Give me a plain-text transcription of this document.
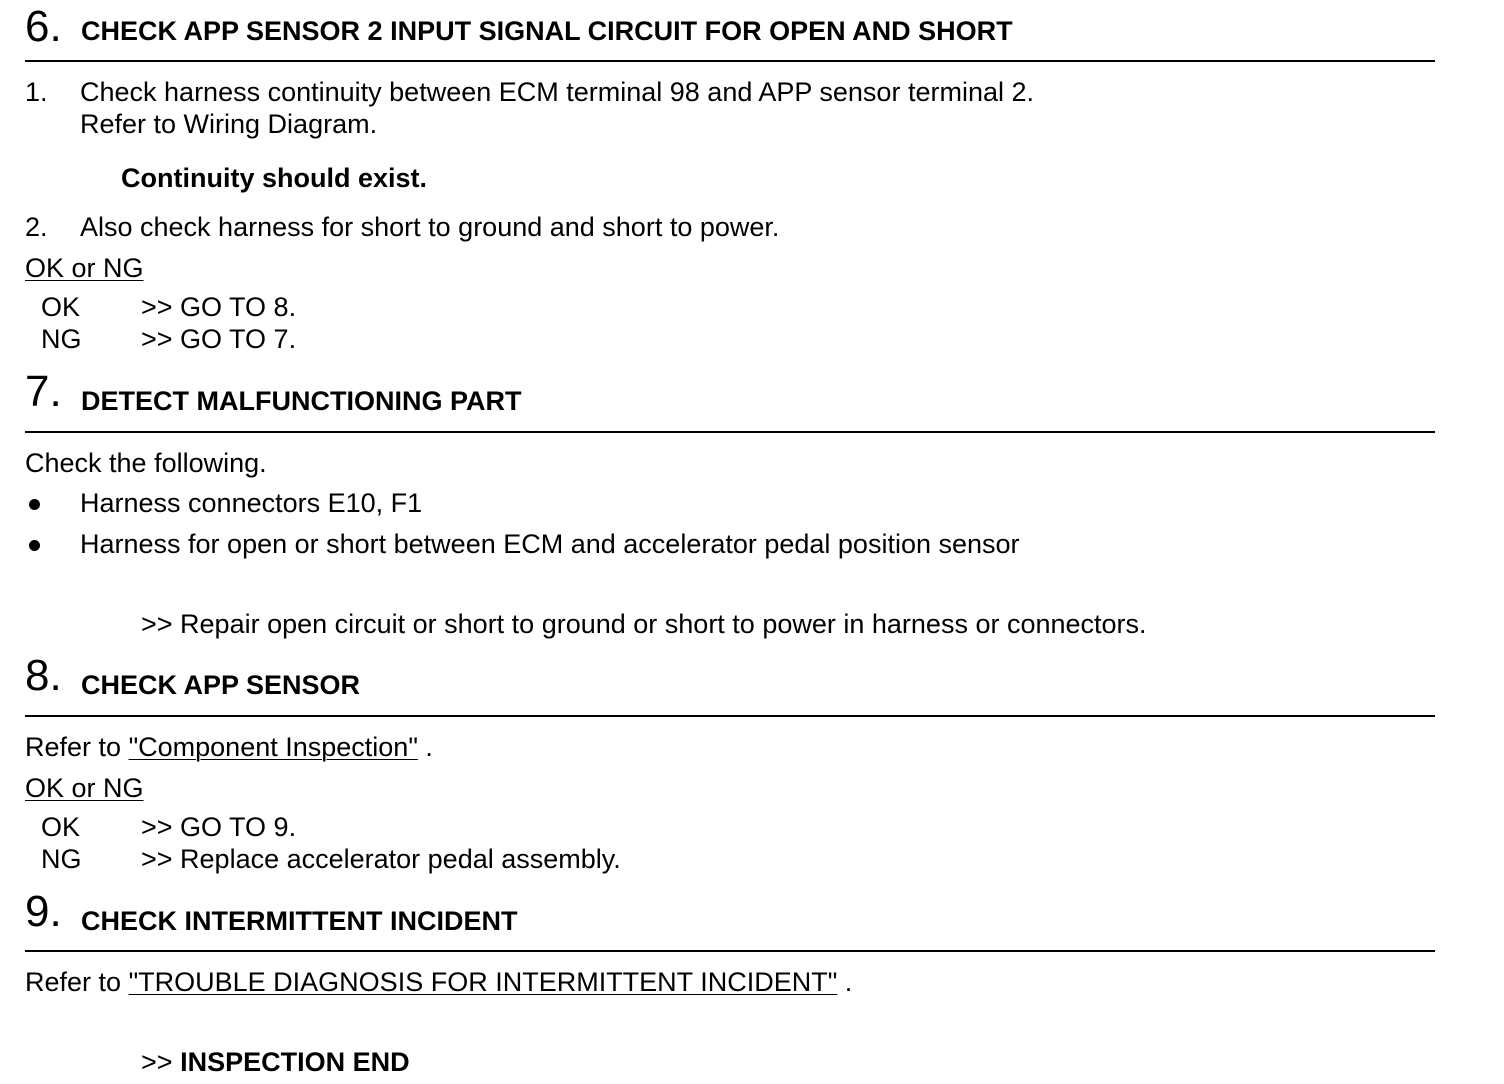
6. CHECK APP SENSOR 2 INPUT SIGNAL CIRCUIT FOR OPEN AND SHORT
1. Check harness continuity between ECM terminal 98 and APP sensor terminal 2.
Refer to Wiring Diagram.
Continuity should exist.
2. Also check harness for short to ground and short to power.
OK or NG
OK >> GO TO 8.
NG >> GO TO 7.
7. DETECT MALFUNCTIONING PART
Check the following.
Harness connectors E10, F1
Harness for open or short between ECM and accelerator pedal position sensor
>> Repair open circuit or short to ground or short to power in harness or connectors.
8. CHECK APP SENSOR
Refer to "Component Inspection" .
OK or NG
OK >> GO TO 9.
NG >> Replace accelerator pedal assembly.
9. CHECK INTERMITTENT INCIDENT
Refer to "TROUBLE DIAGNOSIS FOR INTERMITTENT INCIDENT" .
>> INSPECTION END
